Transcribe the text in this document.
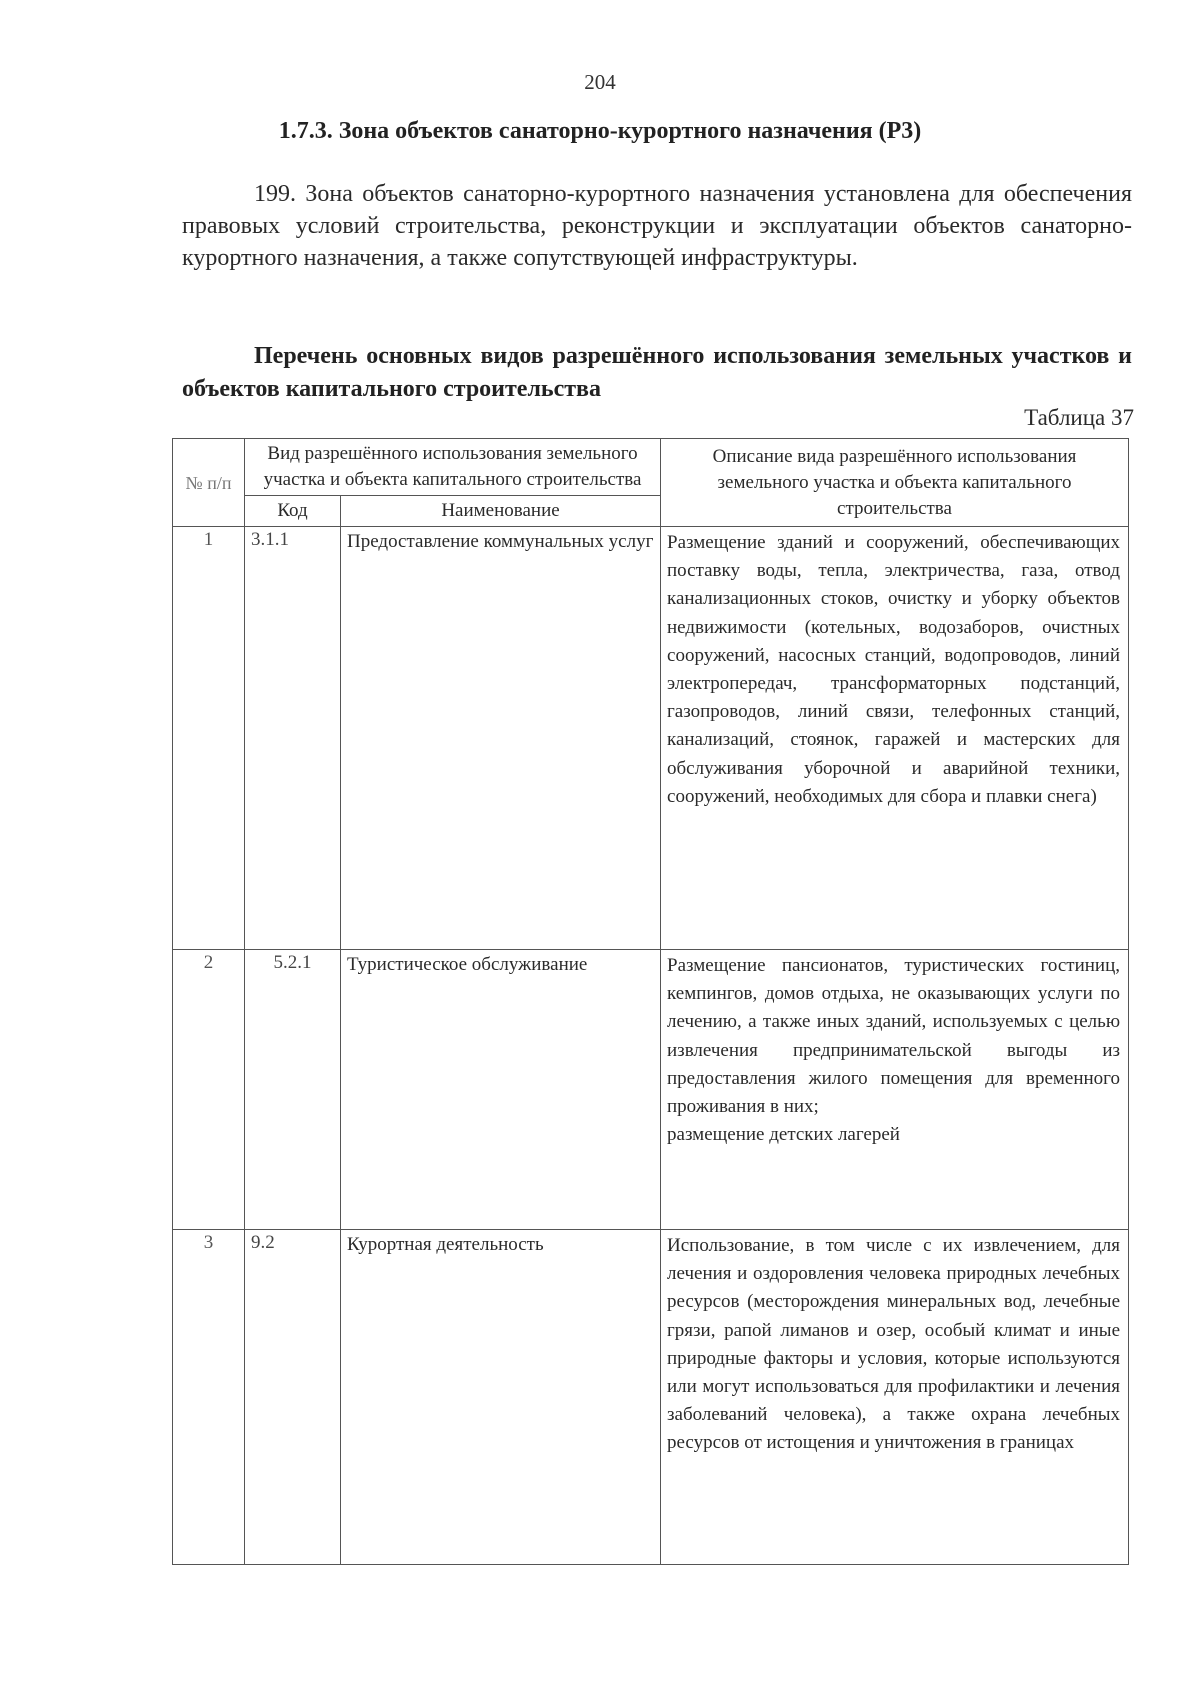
204
1.7.3. Зона объектов санаторно-курортного назначения (Р3)
199. Зона объектов санаторно-курортного назначения установлена для обеспечения правовых условий строительства, реконструкции и эксплуатации объектов санаторно-курортного назначения, а также сопутствующей инфраструктуры.
Перечень основных видов разрешённого использования земельных участков и объектов капитального строительства
Таблица 37
№ п/п	Вид разрешённого использования земельного участка и объекта капитального строительства		Описание вида разрешённого использования земельного участка и объекта капитального строительства
	Код	Наименование	
1	3.1.1	Предоставление коммунальных услуг	Размещение зданий и сооружений, обеспечивающих поставку воды, тепла, электричества, газа, отвод канализационных стоков, очистку и уборку объектов недвижимости (котельных, водозаборов, очистных сооружений, насосных станций, водопроводов, линий электропередач, трансформаторных подстанций, газопроводов, линий связи, телефонных станций, канализаций, стоянок, гаражей и мастерских для обслуживания уборочной и аварийной техники, сооружений, необходимых для сбора и плавки снега)

2	5.2.1	Туристическое обслуживание	Размещение пансионатов, туристических гостиниц, кемпингов, домов отдыха, не оказывающих услуги по лечению, а также иных зданий, используемых с целью извлечения предпринимательской выгоды из предоставления жилого помещения для временного проживания в них;

размещение детских лагерей

3	9.2	Курортная деятельность	Использование, в том числе с их извлечением, для лечения и оздоровления человека природных лечебных ресурсов (месторождения минеральных вод, лечебные грязи, рапой лиманов и озер, особый климат и иные природные факторы и условия, которые используются или могут использоваться для профилактики и лечения заболеваний человека), а также охрана лечебных ресурсов от истощения и уничтожения в границах
